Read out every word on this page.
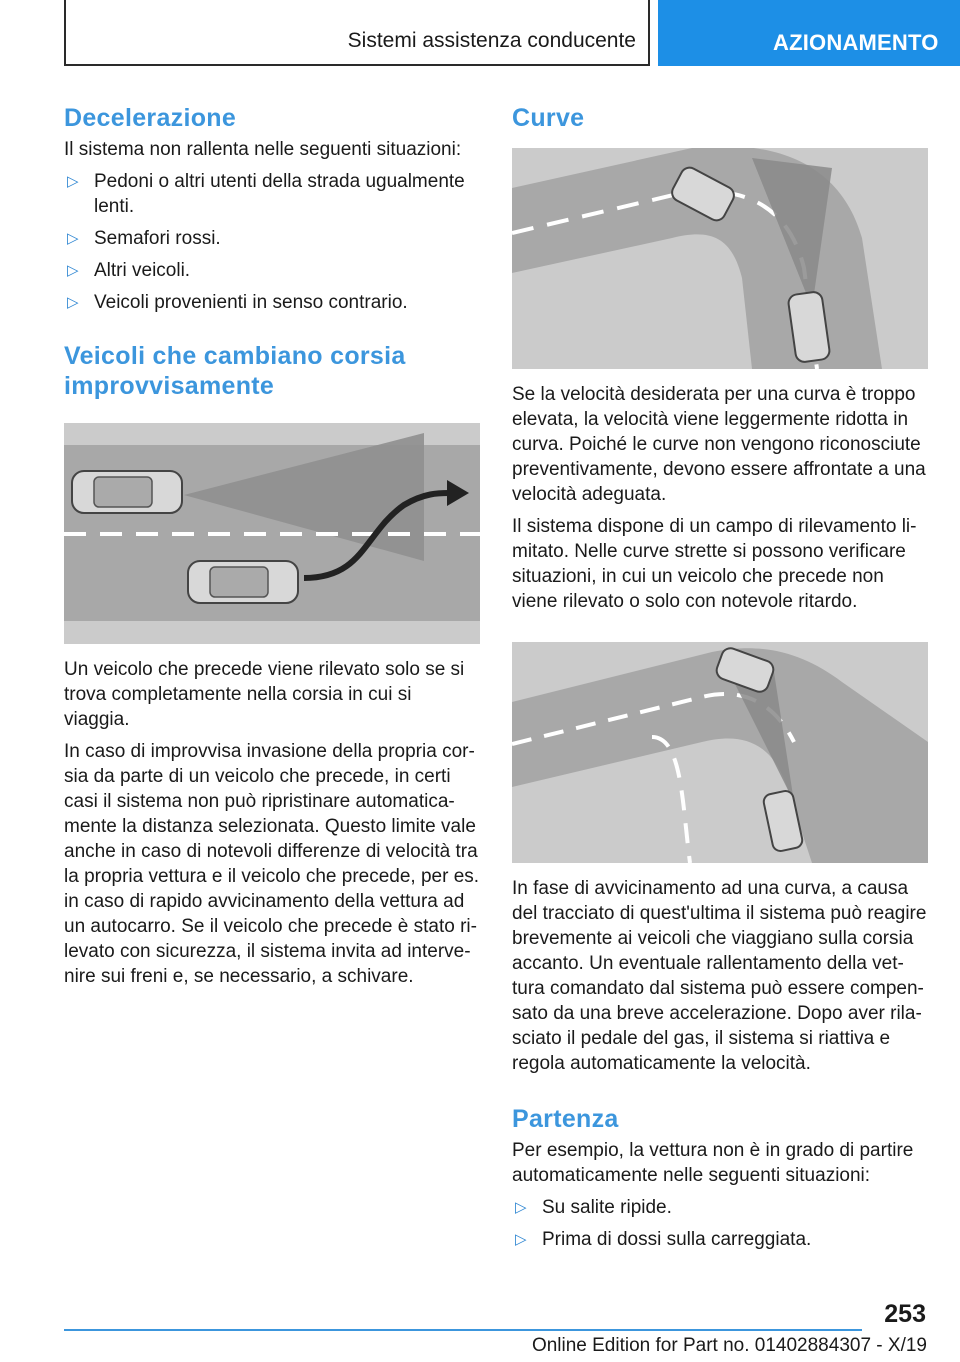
Sistemi assistenza conducente	AZIONAMENTO
Decelerazione

Il sistema non rallenta nelle seguenti situazioni:

▷ Pedoni o altri utenti della strada ugualmente lenti.
▷ Semafori rossi.
▷ Altri veicoli.
▷ Veicoli provenienti in senso contrario.
Veicoli che cambiano corsia improvvisamente

Un veicolo che precede viene rilevato solo se si trova completamente nella corsia in cui si viaggia.

In caso di improvvisa invasione della propria cor-sia da parte di un veicolo che precede, in certi casi il sistema non può ripristinare automatica-mente la distanza selezionata. Questo limite vale anche in caso di notevoli differenze di velocità tra la propria vettura e il veicolo che precede, per es. in caso di rapido avvicinamento della vettura ad un autocarro. Se il veicolo che precede è stato ri-levato con sicurezza, il sistema invita ad interve-nire sui freni e, se necessario, a schivare.

Curve

Se la velocità desiderata per una curva è troppo elevata, la velocità viene leggermente ridotta in curva. Poiché le curve non vengono riconosciute preventivamente, devono essere affrontate a una velocità adeguata.

Il sistema dispone di un campo di rilevamento li-mitato. Nelle curve strette si possono verificare situazioni, in cui un veicolo che precede non viene rilevato o solo con notevole ritardo.

In fase di avvicinamento ad una curva, a causa del tracciato di quest'ultima il sistema può reagire brevemente ai veicoli che viaggiano sulla corsia accanto. Un eventuale rallentamento della vet-tura comandato dal sistema può essere compen-sato da una breve accelerazione. Dopo aver rila-sciato il pedale del gas, il sistema si riattiva e regola automaticamente la velocità.

Partenza

Per esempio, la vettura non è in grado di partire automaticamente nelle seguenti situazioni:

▷ Su salite ripide.
▷ Prima di dossi sulla carreggiata.
253
Online Edition for Part no. 01402884307 - X/19
